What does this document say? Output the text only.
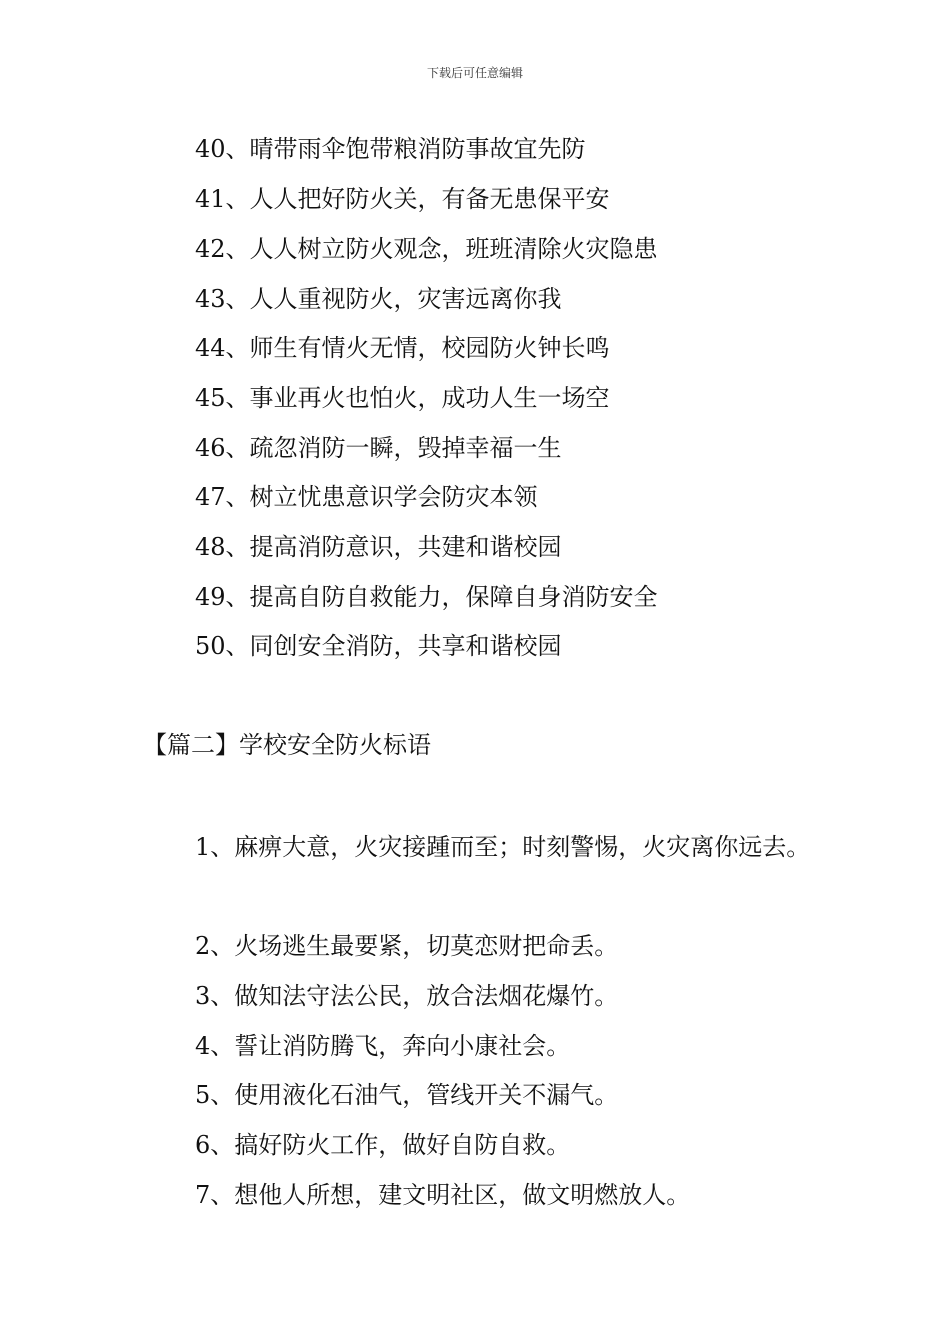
下载后可任意编辑
40、晴带雨伞饱带粮消防事故宜先防
41、人人把好防火关，有备无患保平安
42、人人树立防火观念，班班清除火灾隐患
43、人人重视防火，灾害远离你我
44、师生有情火无情，校园防火钟长鸣
45、事业再火也怕火，成功人生一场空
46、疏忽消防一瞬，毁掉幸福一生
47、树立忧患意识学会防灾本领
48、提高消防意识，共建和谐校园
49、提高自防自救能力，保障自身消防安全
50、同创安全消防，共享和谐校园
【篇二】学校安全防火标语
1、麻痹大意，火灾接踵而至；时刻警惕，火灾离你远去。
2、火场逃生最要紧，切莫恋财把命丢。
3、做知法守法公民，放合法烟花爆竹。
4、誓让消防腾飞，奔向小康社会。
5、使用液化石油气，管线开关不漏气。
6、搞好防火工作，做好自防自救。
7、想他人所想，建文明社区，做文明燃放人。
